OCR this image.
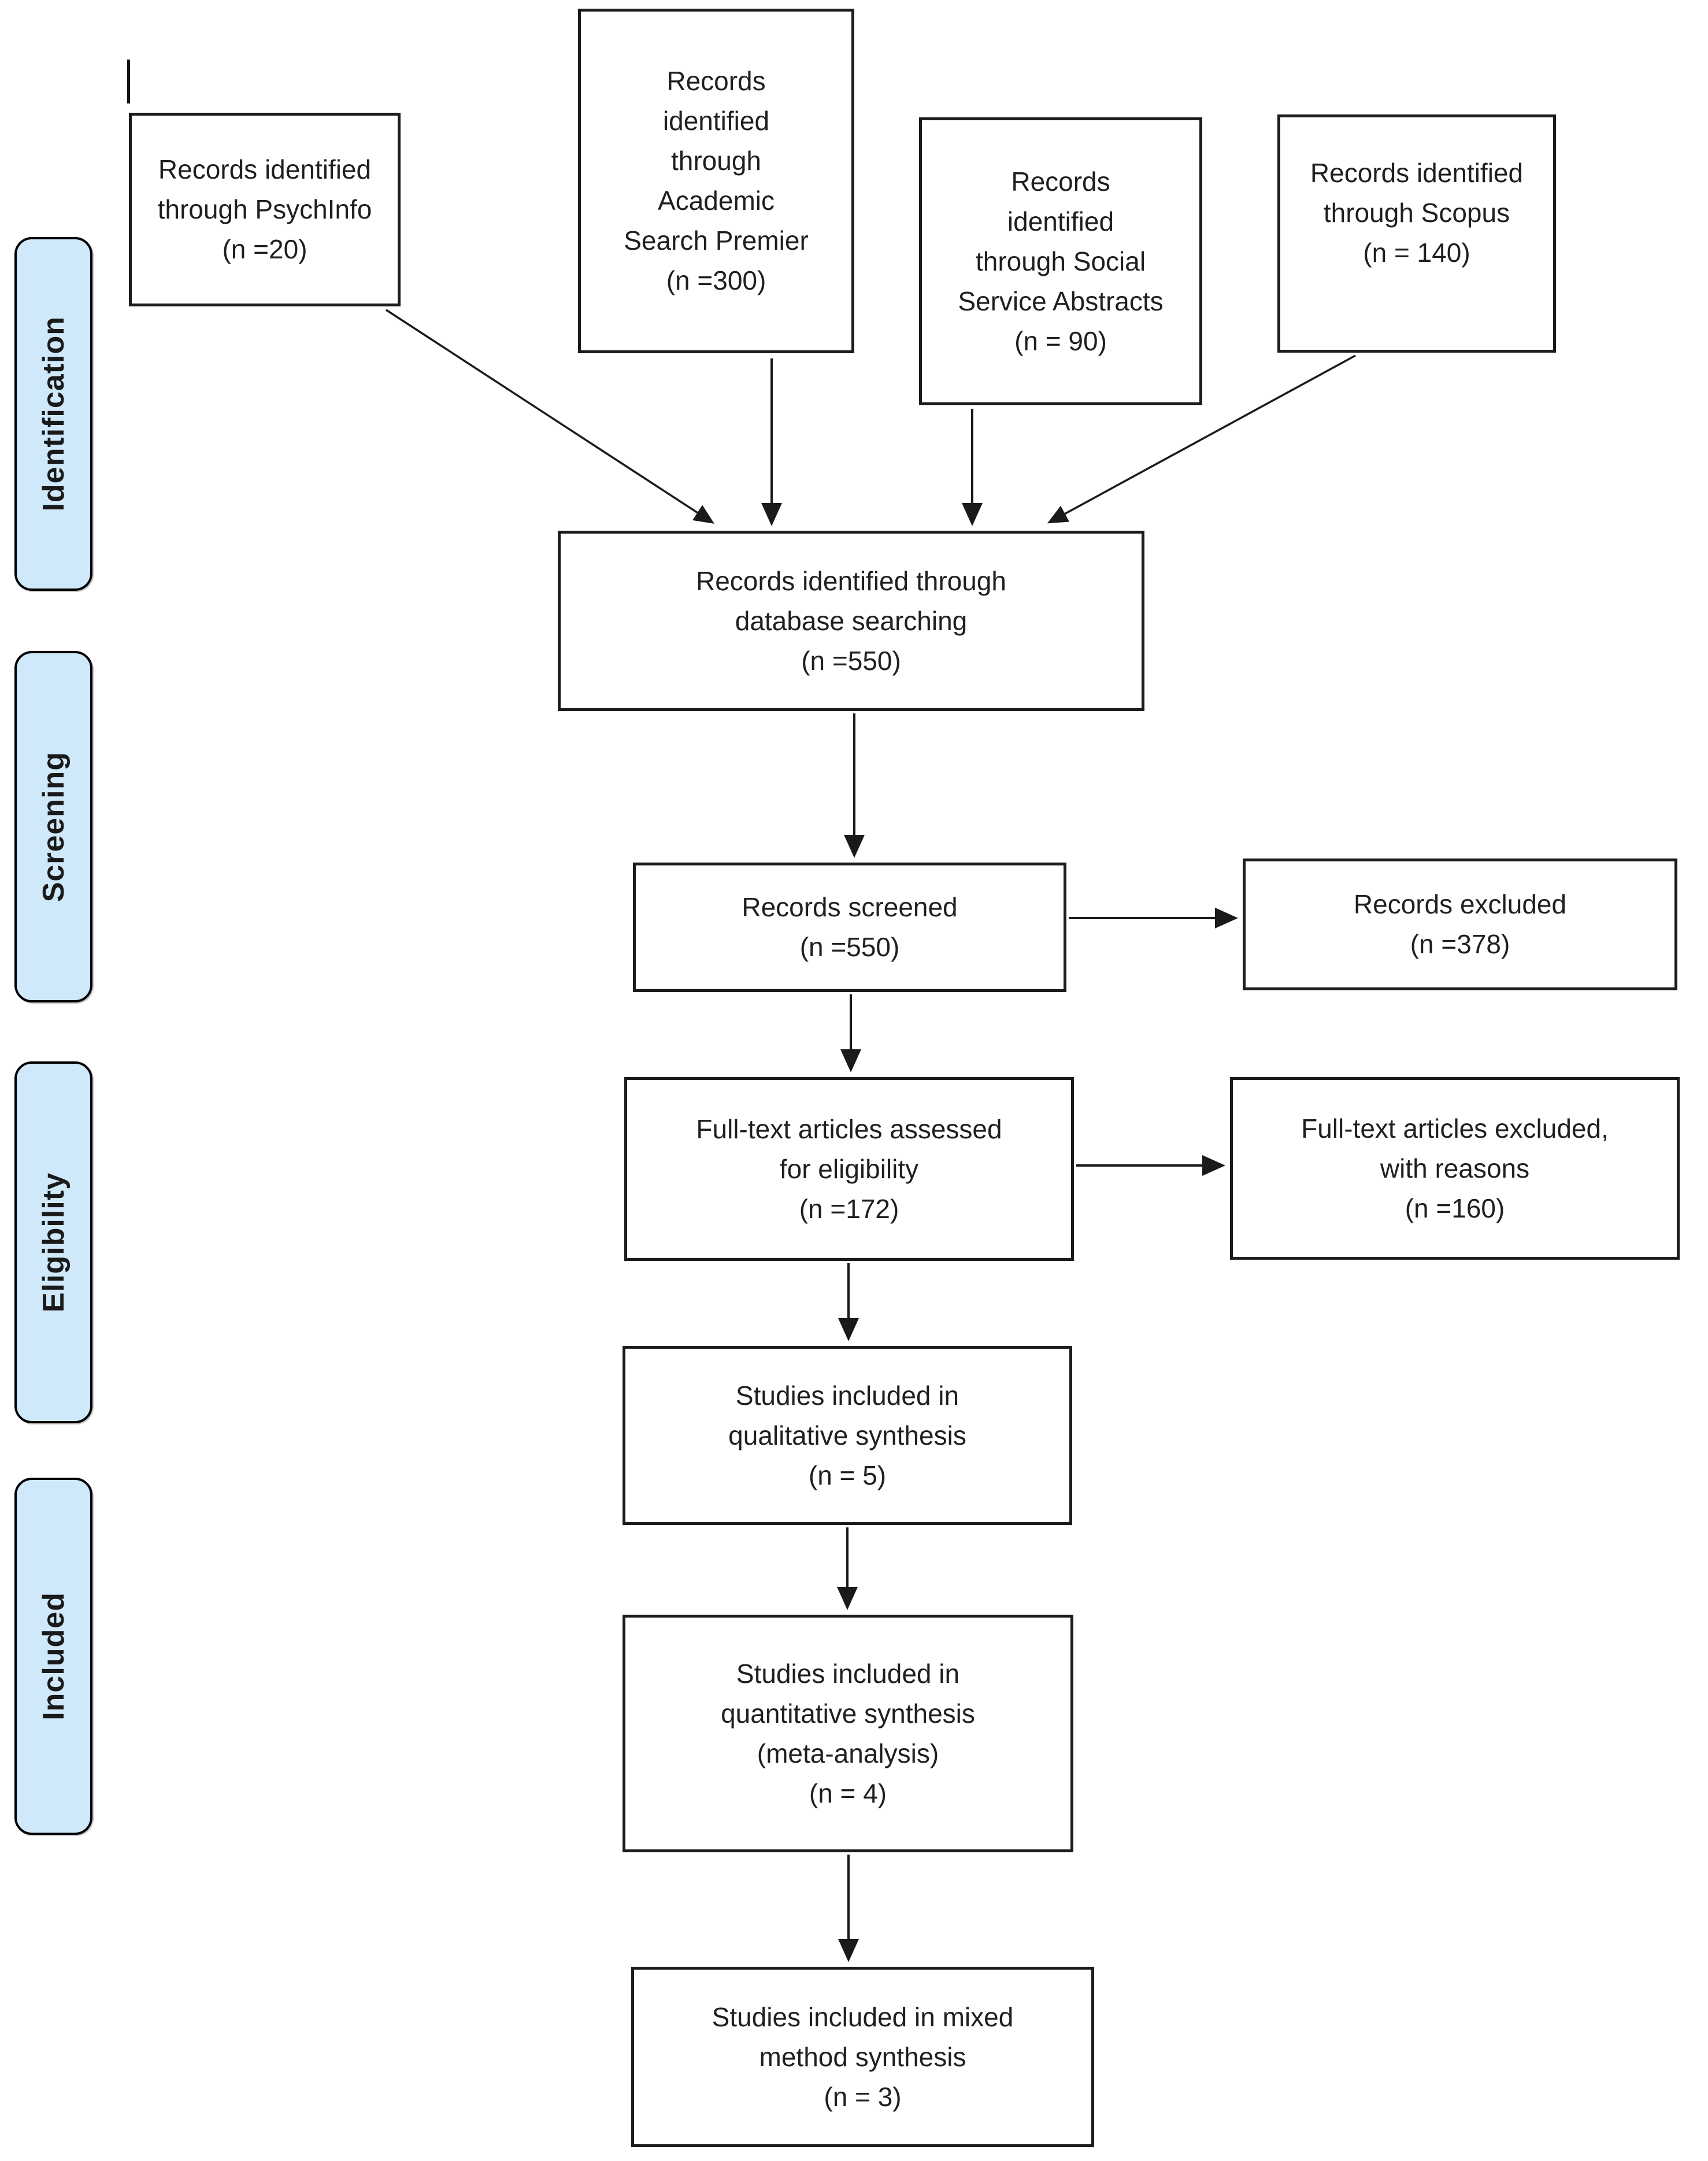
Identification
Screening
Eligibility
Included
Records identified
through PsychInfo
(n =20)
Records
identified
through
Academic
Search Premier
(n =300)
Records
identified
through Social
Service Abstracts
(n = 90)
Records identified
through Scopus
(n = 140)
Records identified through
database searching
(n =550)
Records screened
(n =550)
Records excluded
(n =378)
Full-text articles assessed
for eligibility
(n =172)
Full-text articles excluded,
with reasons
(n =160)
Studies included in
qualitative synthesis
(n = 5)
Studies included in
quantitative synthesis
(meta-analysis)
(n = 4)
Studies included in mixed
method synthesis
(n = 3)
